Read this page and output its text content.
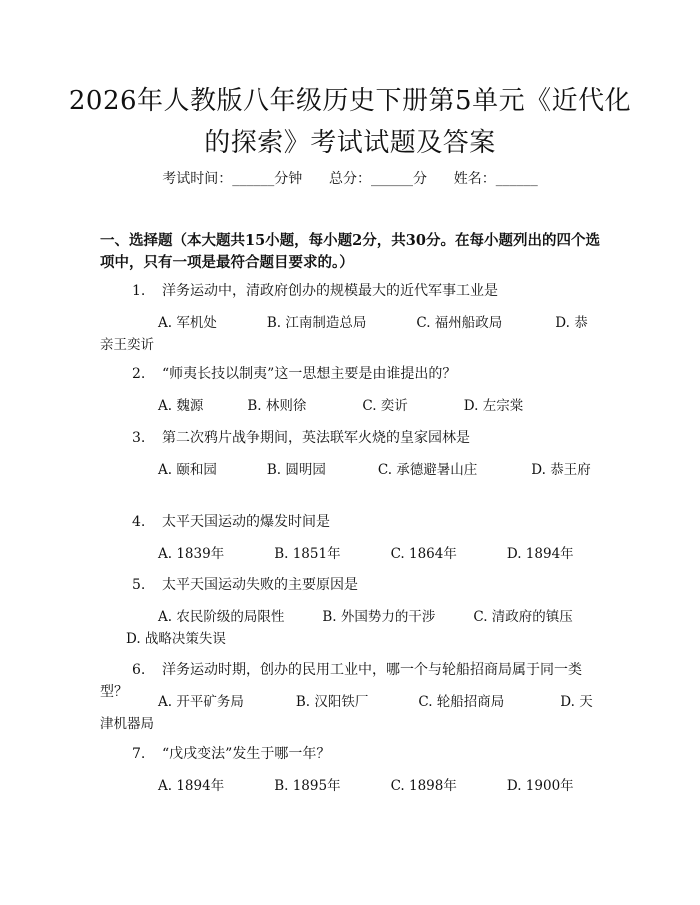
2026年人教版八年级历史下册第5单元《近代化的探索》考试试题及答案
考试时间：______分钟 总分：______分 姓名：______
一、选择题（本大题共15小题，每小题2分，共30分。在每小题列出的四个选项中，只有一项是最符合题目要求的。）
1. 洋务运动中，清政府创办的规模最大的近代军事工业是
A. 军机处	B. 江南制造总局	C. 福州船政局	D. 恭亲王奕䜣
2. “师夷长技以制夷”这一思想主要是由谁提出的？
A. 魏源	B. 林则徐	C. 奕䜣	D. 左宗棠
3. 第二次鸦片战争期间，英法联军火烧的皇家园林是
A. 颐和园	B. 圆明园	C. 承德避暑山庄	D. 恭王府
4. 太平天国运动的爆发时间是
A. 1839年	B. 1851年	C. 1864年	D. 1894年
5. 太平天国运动失败的主要原因是
A. 农民阶级的局限性	B. 外国势力的干涉	C. 清政府的镇压D. 战略决策失误
6. 洋务运动时期，创办的民用工业中，哪一个与轮船招商局属于同一类型？
A. 开平矿务局	B. 汉阳铁厂	C. 轮船招商局	D. 天津机器局
7. “戊戌变法”发生于哪一年？
A. 1894年	B. 1895年	C. 1898年	D. 1900年
